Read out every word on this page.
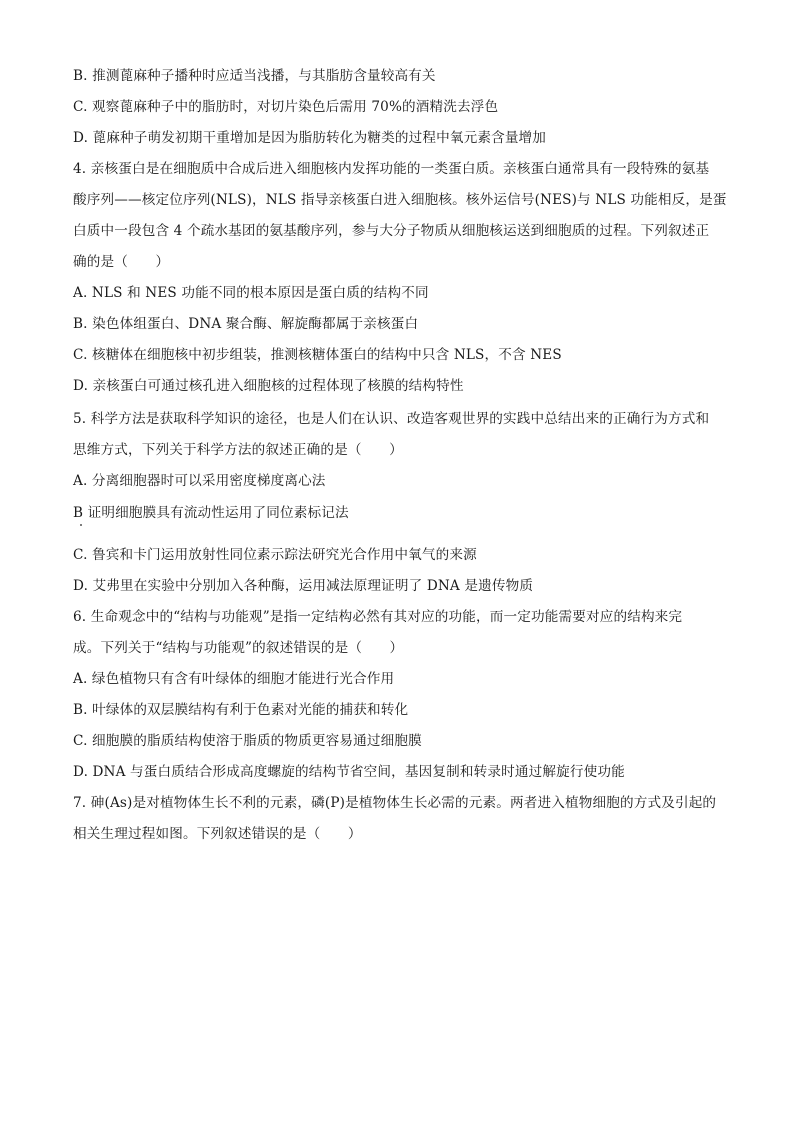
B. 推测蓖麻种子播种时应适当浅播，与其脂肪含量较高有关
C. 观察蓖麻种子中的脂肪时，对切片染色后需用 70%的酒精洗去浮色
D. 蓖麻种子萌发初期干重增加是因为脂肪转化为糖类的过程中氧元素含量增加
4. 亲核蛋白是在细胞质中合成后进入细胞核内发挥功能的一类蛋白质。亲核蛋白通常具有一段特殊的氨基
酸序列——核定位序列(NLS)，NLS 指导亲核蛋白进入细胞核。核外运信号(NES)与 NLS 功能相反，是蛋
白质中一段包含 4 个疏水基团的氨基酸序列，参与大分子物质从细胞核运送到细胞质的过程。下列叙述正
确的是（　　）
A. NLS 和 NES 功能不同的根本原因是蛋白质的结构不同
B. 染色体组蛋白、DNA 聚合酶、解旋酶都属于亲核蛋白
C. 核糖体在细胞核中初步组装，推测核糖体蛋白的结构中只含 NLS，不含 NES
D. 亲核蛋白可通过核孔进入细胞核的过程体现了核膜的结构特性
5. 科学方法是获取科学知识的途径，也是人们在认识、改造客观世界的实践中总结出来的正确行为方式和
思维方式，下列关于科学方法的叙述正确的是（　　）
A. 分离细胞器时可以采用密度梯度离心法
B 证明细胞膜具有流动性运用了同位素标记法
C. 鲁宾和卡门运用放射性同位素示踪法研究光合作用中氧气的来源
D. 艾弗里在实验中分别加入各种酶，运用减法原理证明了 DNA 是遗传物质
6. 生命观念中的“结构与功能观”是指一定结构必然有其对应的功能，而一定功能需要对应的结构来完
成。下列关于“结构与功能观”的叙述错误的是（　　）
A. 绿色植物只有含有叶绿体的细胞才能进行光合作用
B. 叶绿体的双层膜结构有利于色素对光能的捕获和转化
C. 细胞膜的脂质结构使溶于脂质的物质更容易通过细胞膜
D. DNA 与蛋白质结合形成高度螺旋的结构节省空间，基因复制和转录时通过解旋行使功能
7. 砷(As)是对植物体生长不利的元素，磷(P)是植物体生长必需的元素。两者进入植物细胞的方式及引起的
相关生理过程如图。下列叙述错误的是（　　）
